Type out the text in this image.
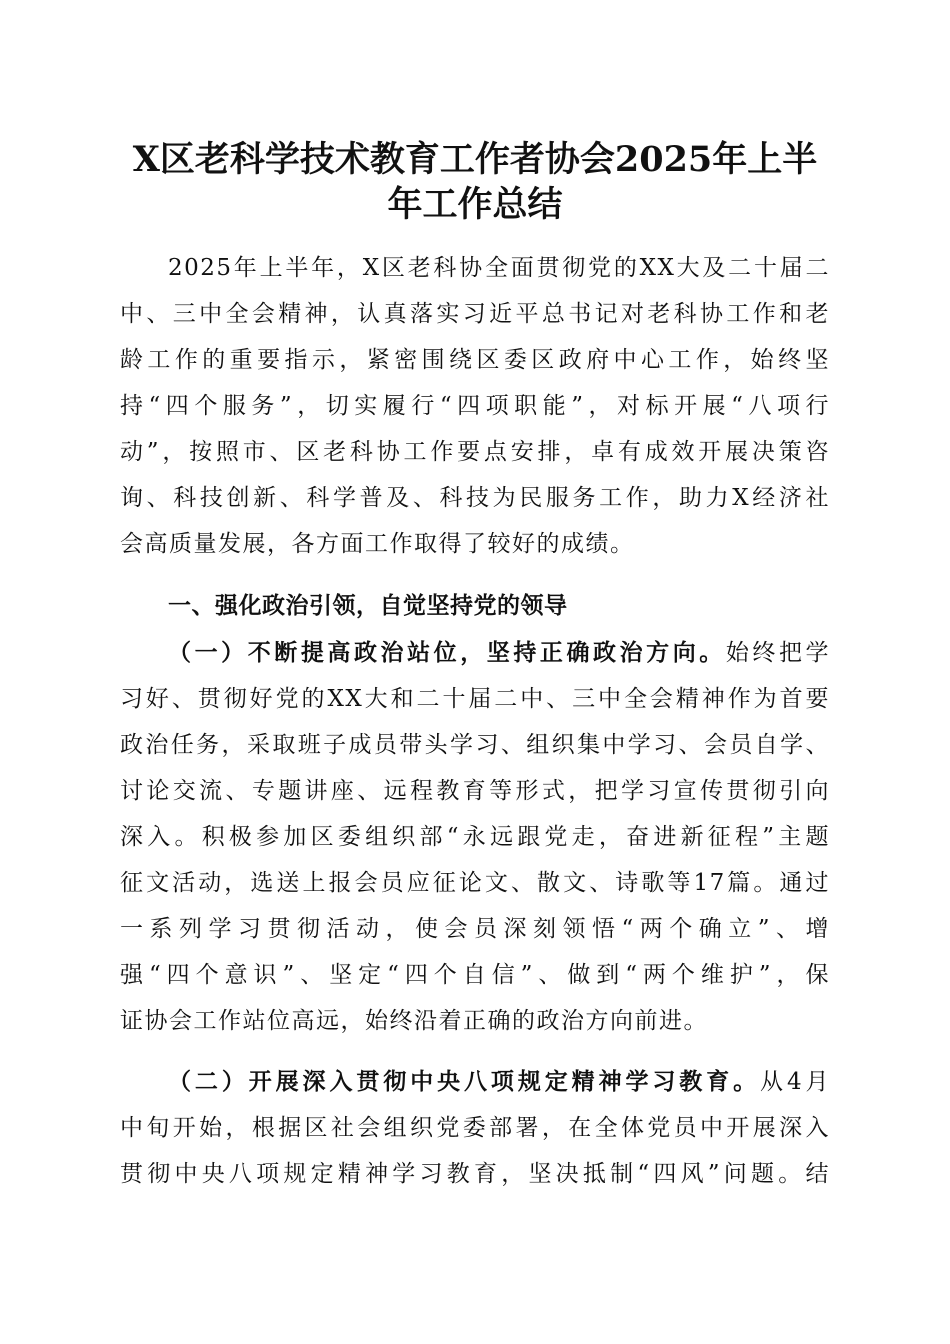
X区老科学技术教育工作者协会2025年上半
年工作总结
2025年上半年，X区老科协全面贯彻党的XX大及二十届二
中、三中全会精神，认真落实习近平总书记对老科协工作和老
龄工作的重要指示，紧密围绕区委区政府中心工作，始终坚
持“四个服务”，切实履行“四项职能”，对标开展“八项行
动”，按照市、区老科协工作要点安排，卓有成效开展决策咨
询、科技创新、科学普及、科技为民服务工作，助力X经济社
会高质量发展，各方面工作取得了较好的成绩。
一、强化政治引领，自觉坚持党的领导
（一）不断提高政治站位，坚持正确政治方向。始终把学
习好、贯彻好党的XX大和二十届二中、三中全会精神作为首要
政治任务，采取班子成员带头学习、组织集中学习、会员自学、
讨论交流、专题讲座、远程教育等形式，把学习宣传贯彻引向
深入。积极参加区委组织部“永远跟党走，奋进新征程”主题
征文活动，选送上报会员应征论文、散文、诗歌等17篇。通过
一系列学习贯彻活动，使会员深刻领悟“两个确立”、增
强“四个意识”、坚定“四个自信”、做到“两个维护”，保
证协会工作站位高远，始终沿着正确的政治方向前进。
（二）开展深入贯彻中央八项规定精神学习教育。从4月
中旬开始，根据区社会组织党委部署，在全体党员中开展深入
贯彻中央八项规定精神学习教育，坚决抵制“四风”问题。结
